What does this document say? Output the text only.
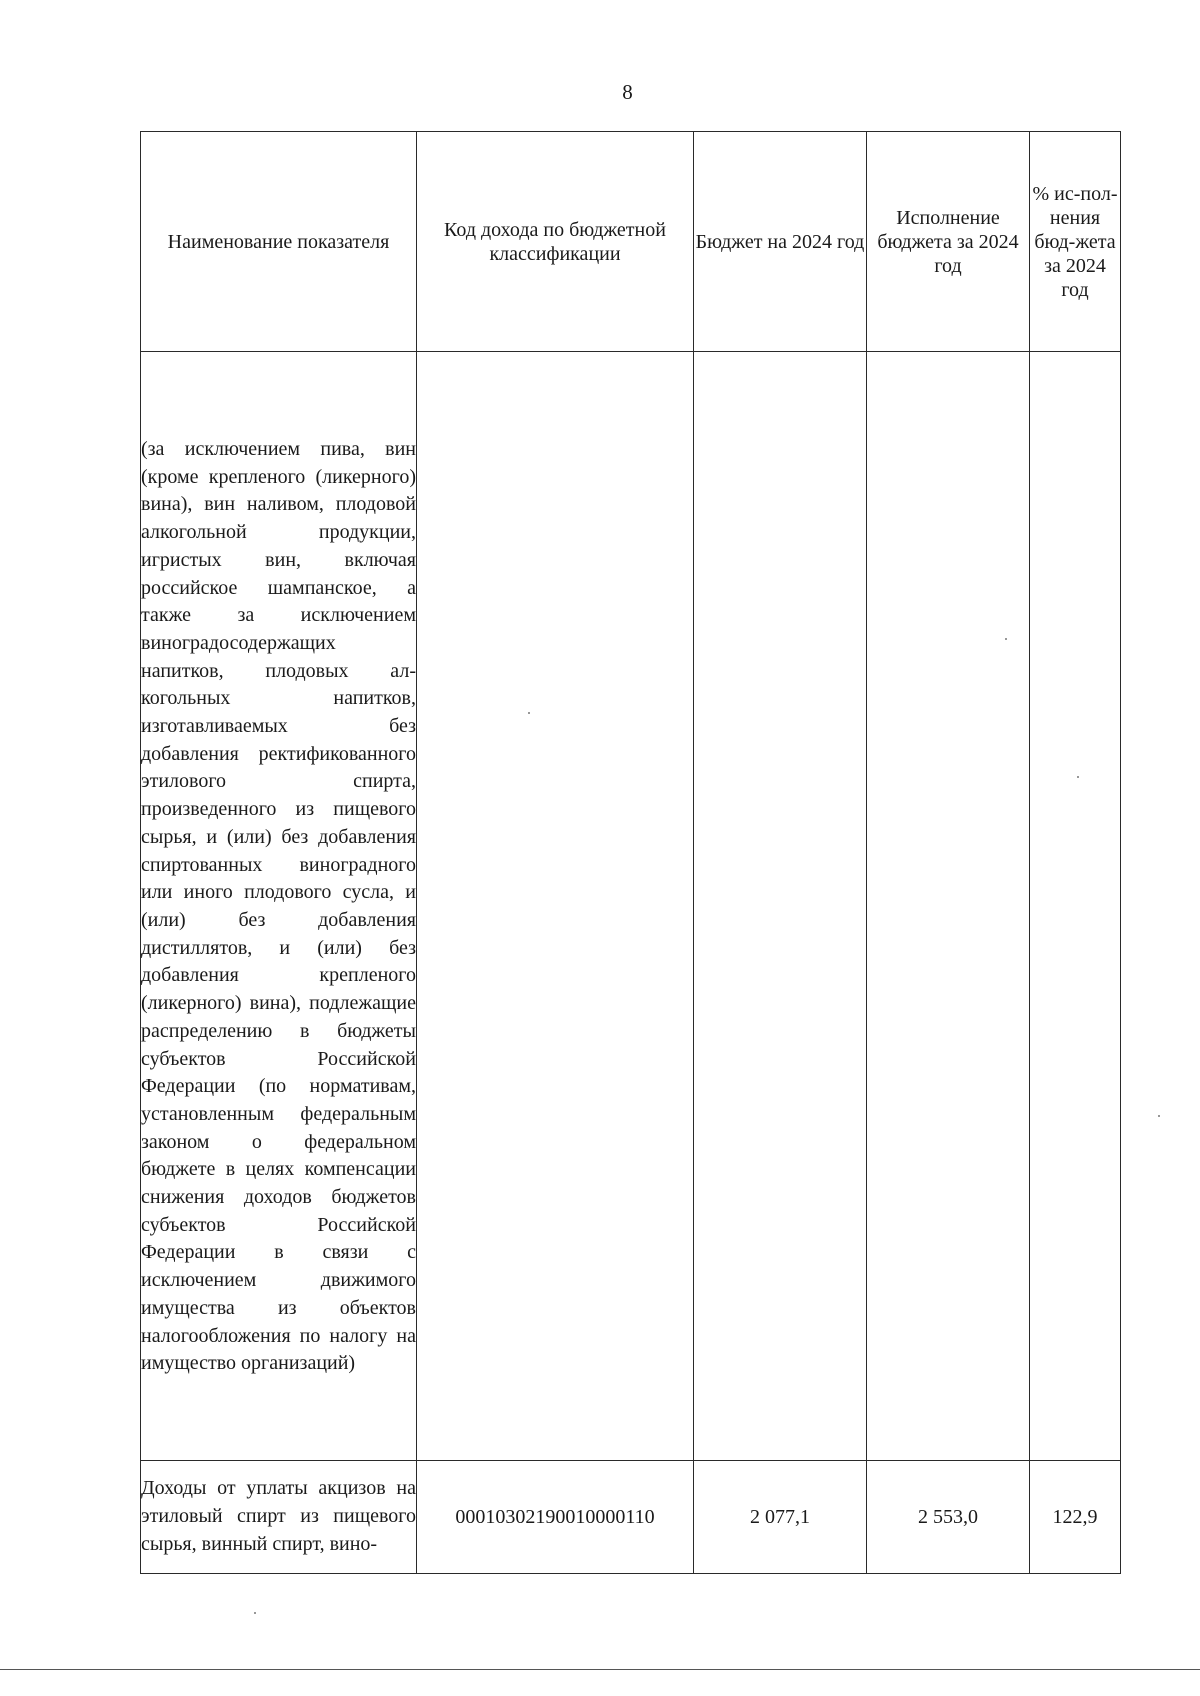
8
Наименование показателя	Код дохода по бюджетной классификации	Бюджет на 2024 год	Исполнение бюджета за 2024 год	% ис-пол-нения бюд-жета за 2024 год
(за исключением пива, вин (кроме крепленого (ликерного) вина), вин наливом, плодовой алкогольной продукции, игристых вин, включая российское шампанское, а также за исключением виноградосодержащих напитков, плодовых алкогольных напитков, изготавливаемых без добавления ректификованного этилового спирта, произведенного из пищевого сырья, и (или) без добавления спиртованных виноградного или иного плодового сусла, и (или) без добавления дистиллятов, и (или) без добавления крепленого (ликерного) вина), подлежащие распределению в бюджеты субъектов Российской Федерации (по нормативам, установленным федеральным законом о федеральном бюджете в целях компенсации снижения доходов бюджетов субъектов Российской Федерации в связи с исключением движимого имущества из объектов налогообложения по налогу на имущество организаций)				
Доходы от уплаты акцизов на этиловый спирт из пищевого сырья, винный спирт, вино-	00010302190010000110	2 077,1	2 553,0	122,9
